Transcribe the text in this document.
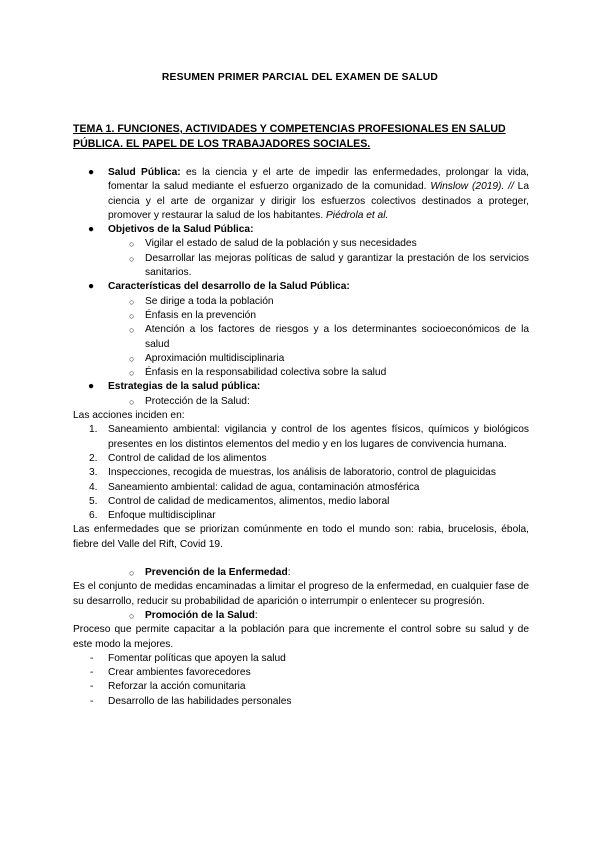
RESUMEN PRIMER PARCIAL DEL EXAMEN DE SALUD
TEMA 1. FUNCIONES, ACTIVIDADES Y COMPETENCIAS PROFESIONALES EN SALUD PÚBLICA. EL PAPEL DE LOS TRABAJADORES SOCIALES.
● Salud Pública: es la ciencia y el arte de impedir las enfermedades, prolongar la vida, fomentar la salud mediante el esfuerzo organizado de la comunidad. Winslow (2019). // La ciencia y el arte de organizar y dirigir los esfuerzos colectivos destinados a proteger, promover y restaurar la salud de los habitantes. Piédrola et al.
● Objetivos de la Salud Pública:
○ Vigilar el estado de salud de la población y sus necesidades
○ Desarrollar las mejoras políticas de salud y garantizar la prestación de los servicios sanitarios.
● Características del desarrollo de la Salud Pública:
○ Se dirige a toda la población
○ Énfasis en la prevención
○ Atención a los factores de riesgos y a los determinantes socioeconómicos de la salud
○ Aproximación multidisciplinaria
○ Énfasis en la responsabilidad colectiva sobre la salud
● Estrategias de la salud pública:
○ Protección de la Salud:
Las acciones inciden en:
1. Saneamiento ambiental: vigilancia y control de los agentes físicos, químicos y biológicos presentes en los distintos elementos del medio y en los lugares de convivencia humana.
2. Control de calidad de los alimentos
3. Inspecciones, recogida de muestras, los análisis de laboratorio, control de plaguicidas
4. Saneamiento ambiental: calidad de agua, contaminación atmosférica
5. Control de calidad de medicamentos, alimentos, medio laboral
6. Enfoque multidisciplinar
Las enfermedades que se priorizan comúnmente en todo el mundo son: rabia, brucelosis, ébola, fiebre del Valle del Rift, Covid 19.
○ Prevención de la Enfermedad:
Es el conjunto de medidas encaminadas a limitar el progreso de la enfermedad, en cualquier fase de su desarrollo, reducir su probabilidad de aparición o interrumpir o enlentecer su progresión.
○ Promoción de la Salud:
Proceso que permite capacitar a la población para que incremente el control sobre su salud y de este modo la mejores.
- Fomentar políticas que apoyen la salud
- Crear ambientes favorecedores
- Reforzar la acción comunitaria
- Desarrollo de las habilidades personales
